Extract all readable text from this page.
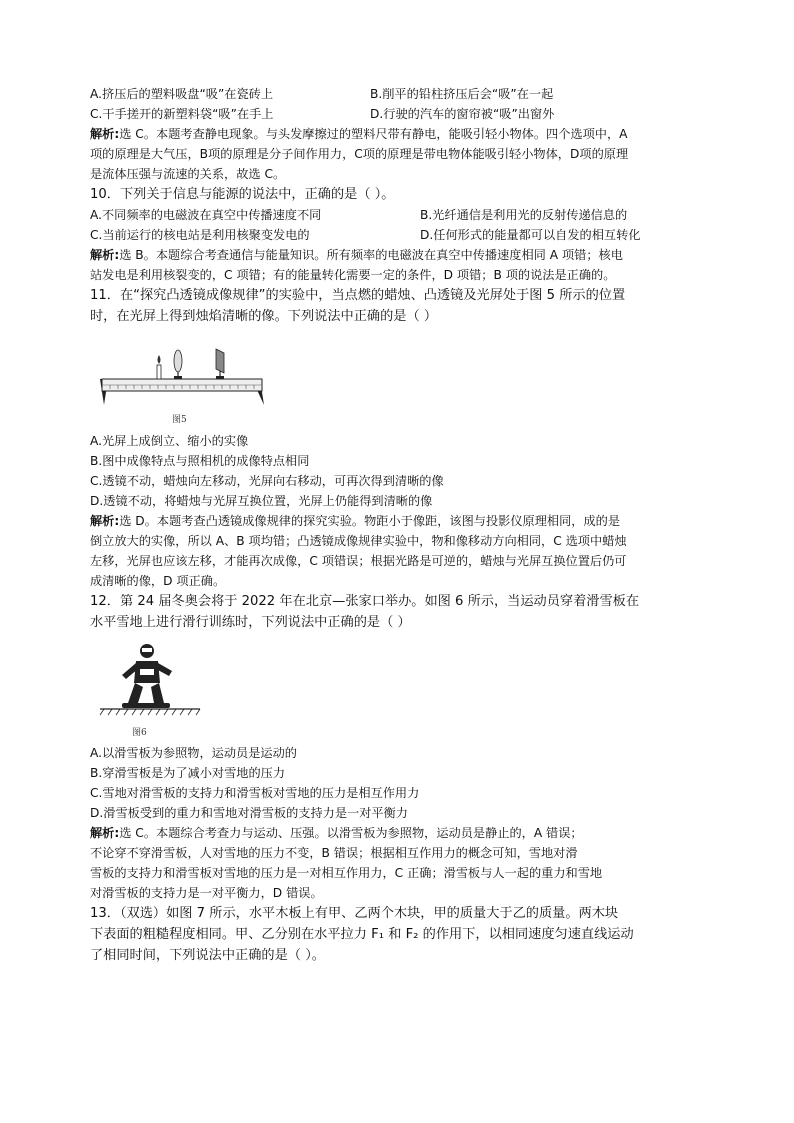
A.挤压后的塑料吸盘“吸”在瓷砖上	B.削平的铅柱挤压后会“吸”在一起
C.干手搓开的新塑料袋“吸”在手上	D.行驶的汽车的窗帘被“吸”出窗外
解析:选 C。本题考查静电现象。与头发摩擦过的塑料尺带有静电，能吸引轻小物体。四个选项中，A
项的原理是大气压，B项的原理是分子间作用力，C项的原理是带电物体能吸引轻小物体，D项的原理
是流体压强与流速的关系，故选 C。
10．下列关于信息与能源的说法中，正确的是（ ）。
A.不同频率的电磁波在真空中传播速度不同	B.光纤通信是利用光的反射传递信息的
C.当前运行的核电站是利用核聚变发电的	D.任何形式的能量都可以自发的相互转化
解析:选 B。本题综合考查通信与能量知识。所有频率的电磁波在真空中传播速度相同 A 项错；核电
站发电是利用核裂变的，C 项错；有的能量转化需要一定的条件，D 项错；B 项的说法是正确的。
11．在“探究凸透镜成像规律”的实验中，当点燃的蜡烛、凸透镜及光屏处于图 5 所示的位置
时，在光屏上得到烛焰清晰的像。下列说法中正确的是（ ）
图5
A.光屏上成倒立、缩小的实像
B.图中成像特点与照相机的成像特点相同
C.透镜不动，蜡烛向左移动，光屏向右移动，可再次得到清晰的像
D.透镜不动，将蜡烛与光屏互换位置，光屏上仍能得到清晰的像
解析:选 D。本题考查凸透镜成像规律的探究实验。物距小于像距，该图与投影仪原理相同，成的是
倒立放大的实像，所以 A、B 项均错；凸透镜成像规律实验中，物和像移动方向相同，C 选项中蜡烛
左移，光屏也应该左移，才能再次成像，C 项错误；根据光路是可逆的，蜡烛与光屏互换位置后仍可
成清晰的像，D 项正确。
12．第 24 届冬奥会将于 2022 年在北京—张家口举办。如图 6 所示，当运动员穿着滑雪板在
水平雪地上进行滑行训练时，下列说法中正确的是（ ）
图6
A.以滑雪板为参照物，运动员是运动的
B.穿滑雪板是为了减小对雪地的压力
C.雪地对滑雪板的支持力和滑雪板对雪地的压力是相互作用力
D.滑雪板受到的重力和雪地对滑雪板的支持力是一对平衡力
解析:选 C。本题综合考查力与运动、压强。以滑雪板为参照物，运动员是静止的，A 错误；
不论穿不穿滑雪板，人对雪地的压力不变，B 错误；根据相互作用力的概念可知，雪地对滑
雪板的支持力和滑雪板对雪地的压力是一对相互作用力，C 正确；滑雪板与人一起的重力和雪地
对滑雪板的支持力是一对平衡力，D 错误。
13．（双选）如图 7 所示，水平木板上有甲、乙两个木块，甲的质量大于乙的质量。两木块
下表面的粗糙程度相同。甲、乙分别在水平拉力 F₁ 和 F₂ 的作用下，以相同速度匀速直线运动
了相同时间，下列说法中正确的是（ ）。
